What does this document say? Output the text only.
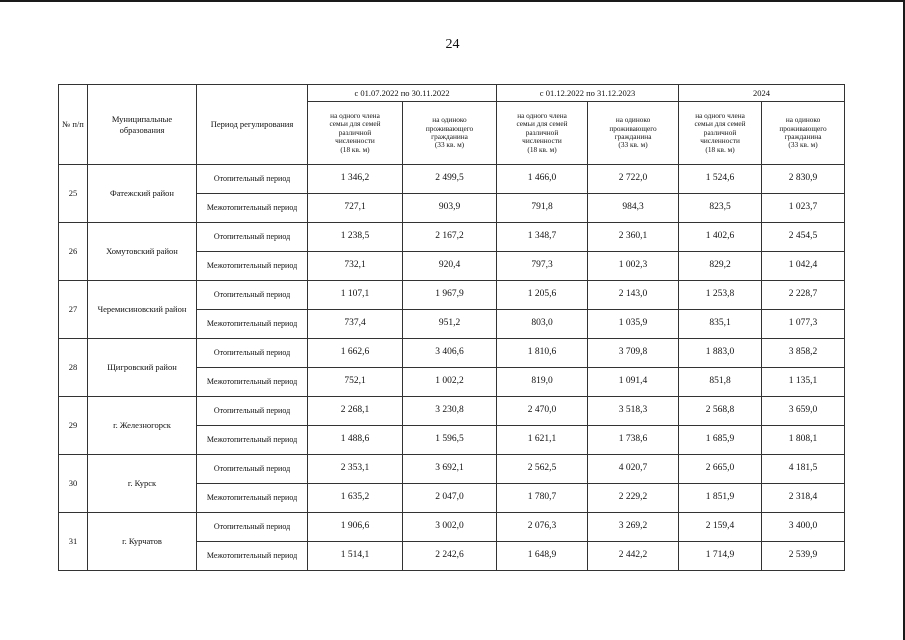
24
№ п/п	Муниципальные образования	Период регулирования	с 01.07.2022 по 30.11.2022		с 01.12.2022 по 31.12.2023		2024	

			на одного члена
семьи для семей
различной
численности
(18 кв. м)	на одиноко
проживающего
гражданина
(33 кв. м)	на одного члена
семьи для семей
различной
численности
(18 кв. м)	на одиноко
проживающего
гражданина
(33 кв. м)	на одного члена
семьи для семей
различной
численности
(18 кв. м)	на одиноко
проживающего
гражданина
(33 кв. м)

25	Фатежский район	Отопительный период	1 346,2	2 499,5	1 466,0	2 722,0	1 524,6	2 830,9
		Межотопительный период	727,1	903,9	791,8	984,3	823,5	1 023,7
26	Хомутовский район	Отопительный период	1 238,5	2 167,2	1 348,7	2 360,1	1 402,6	2 454,5
		Межотопительный период	732,1	920,4	797,3	1 002,3	829,2	1 042,4
27	Черемисиновский район	Отопительный период	1 107,1	1 967,9	1 205,6	2 143,0	1 253,8	2 228,7
		Межотопительный период	737,4	951,2	803,0	1 035,9	835,1	1 077,3
28	Щигровский район	Отопительный период	1 662,6	3 406,6	1 810,6	3 709,8	1 883,0	3 858,2
		Межотопительный период	752,1	1 002,2	819,0	1 091,4	851,8	1 135,1
29	г. Железногорск	Отопительный период	2 268,1	3 230,8	2 470,0	3 518,3	2 568,8	3 659,0
		Межотопительный период	1 488,6	1 596,5	1 621,1	1 738,6	1 685,9	1 808,1
30	г. Курск	Отопительный период	2 353,1	3 692,1	2 562,5	4 020,7	2 665,0	4 181,5
		Межотопительный период	1 635,2	2 047,0	1 780,7	2 229,2	1 851,9	2 318,4
31	г. Курчатов	Отопительный период	1 906,6	3 002,0	2 076,3	3 269,2	2 159,4	3 400,0
		Межотопительный период	1 514,1	2 242,6	1 648,9	2 442,2	1 714,9	2 539,9
